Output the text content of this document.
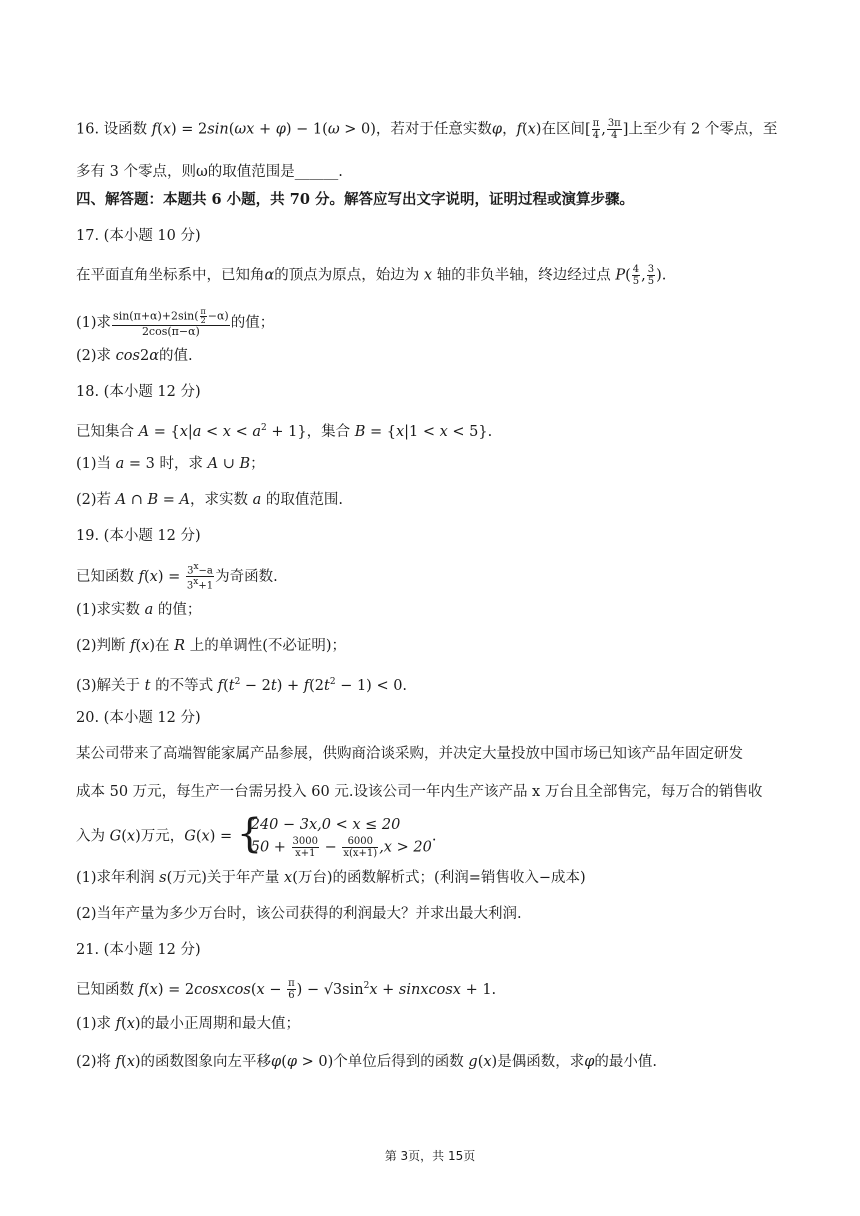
16. 设函数 f(x) = 2sin(ωx + φ) − 1(ω > 0)，若对于任意实数φ，f(x)在区间[ $\frac{\pi}{4}$ , $\frac{3\pi}{4}$ ]上至少有 2 个零点，至
多有 3 个零点，则ω的取值范围是______.
四、解答题：本题共 6 小题，共 70 分。解答应写出文字说明，证明过程或演算步骤。
17. (本小题 10 分)
在平面直角坐标系中，已知角α的顶点为原点，始边为 x 轴的非负半轴，终边经过点 $P( \frac{4}{5}$ , $\frac{3}{5}$ ).
(1)求 $\frac{\sin(\pi+\alpha)+2\sin( \frac{\pi}{2} -\alpha)}{2\cos(\pi-\alpha)}$ 的值；
(2)求 cos2α的值.
18. (本小题 12 分)
已知集合 $A = \{x|a < x < a^2 + 1\}$，集合 B = {x|1 < x < 5}.
(1)当 a = 3 时，求 A ∪ B；
(2)若 A ∩ B = A，求实数 a 的取值范围.
19. (本小题 12 分)
已知函数 $f(x) = \frac{3^x-a}{3^x+1}$ 为奇函数.
(1)求实数 a 的值；
(2)判断 f(x)在 R 上的单调性(不必证明)；
(3)解关于 t 的不等式 $f(t^2 - 2t) + f(2t^2 - 1) < 0$.
20. (本小题 12 分)
某公司带来了高端智能家属产品参展，供购商洽谈采购，并决定大量投放中国市场已知该产品年固定研发
成本 50 万元，每生产一台需另投入 60 元.设该公司一年内生产该产品 x 万台且全部售完，每万合的销售收
入为 G(x)万元，G(x) = {
240 − 3x,0 < x ≤ 20
$50 + \frac{3000}{x+1} - \frac{6000}{x(x+1)} ,x > 20$
.
(1)求年利润 s(万元)关于年产量 x(万台)的函数解析式；(利润=销售收入−成本)
(2)当年产量为多少万台时，该公司获得的利润最大？并求出最大利润.
21. (本小题 12 分)
已知函数 f(x) = 2cosxcos(x − $\frac{\pi}{6}$ ) − $√3\sin^2x$ + sinxcosx + 1.
(1)求 f(x)的最小正周期和最大值；
(2)将 f(x)的函数图象向左平移φ(φ > 0)个单位后得到的函数 g(x)是偶函数，求φ的最小值.
第 3页，共 15页
